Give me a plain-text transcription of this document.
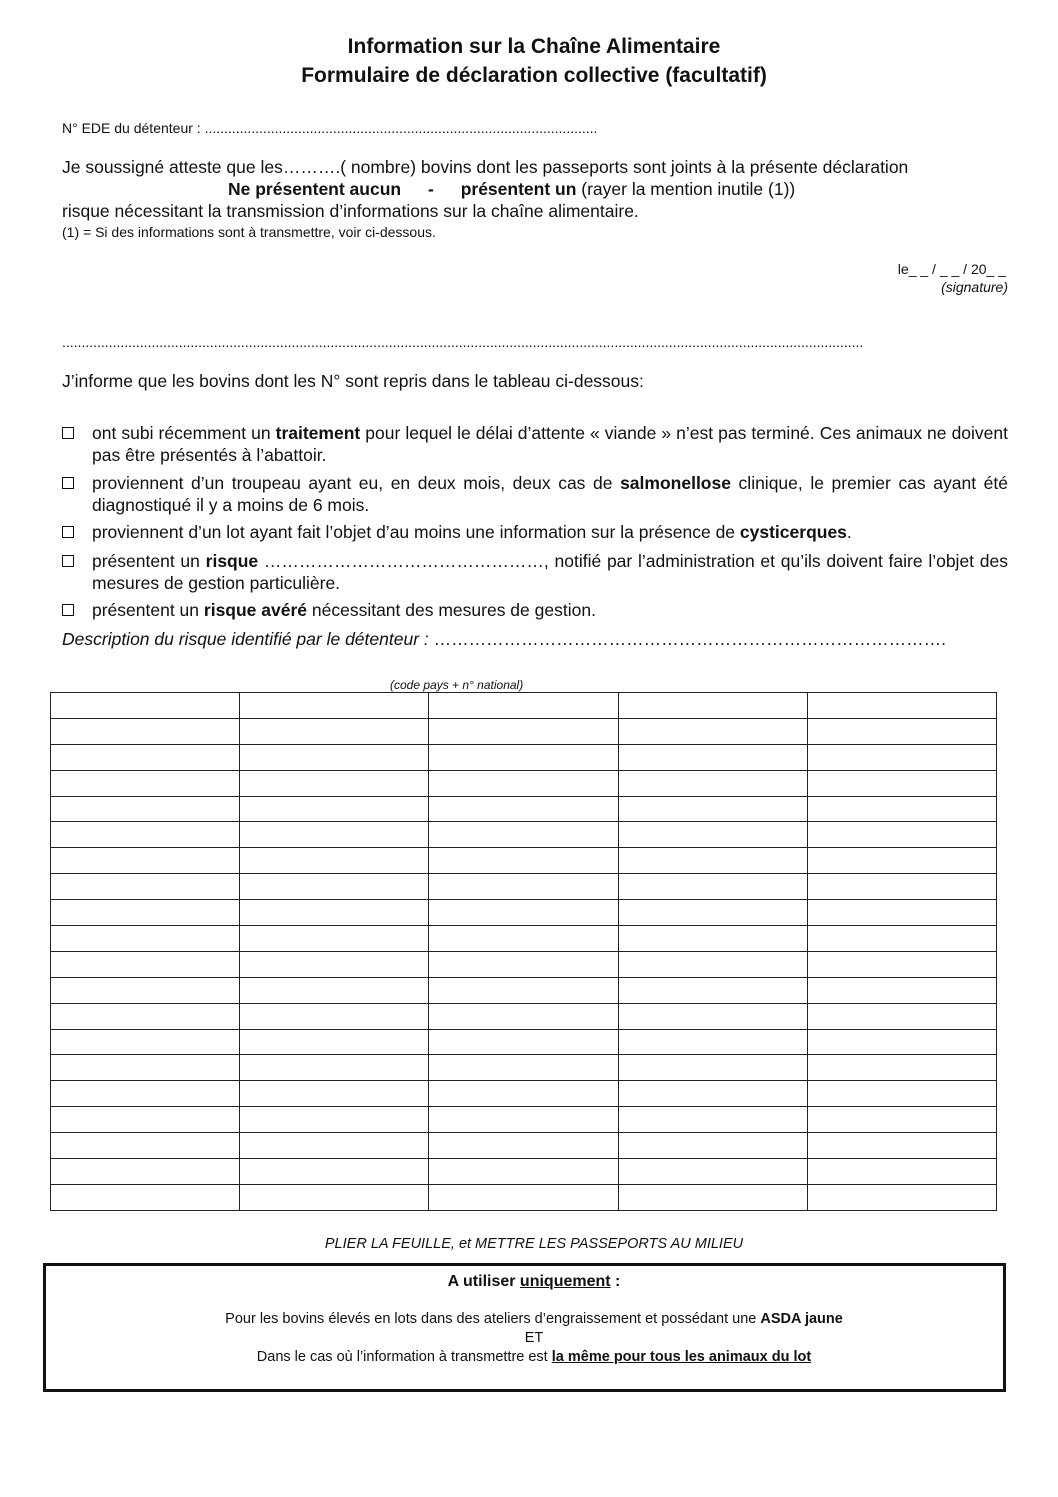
Information sur la Chaîne Alimentaire
Formulaire de déclaration collective (facultatif)
N° EDE du détenteur : .....................................................................................................
Je soussigné atteste que les……….( nombre) bovins dont les passeports sont joints à la présente déclaration
Ne présentent aucun - présentent un (rayer la mention inutile (1))
risque nécessitant la transmission d’informations sur la chaîne alimentaire.
(1) = Si des informations sont à transmettre, voir ci-dessous.
le_ _ / _ _ / 20_ _
(signature)
..............................................................................................................................................................................................................
J’informe que les bovins dont les N° sont repris dans le tableau ci-dessous:
ont subi récemment un traitement pour lequel le délai d’attente « viande » n’est pas terminé. Ces animaux ne doivent pas être présentés à l’abattoir.
proviennent d’un troupeau ayant eu, en deux mois, deux cas de salmonellose clinique, le premier cas ayant été diagnostiqué il y a moins de 6 mois.
proviennent d’un lot ayant fait l’objet d’au moins une information sur la présence de cysticerques.
présentent un risque …………………………………………, notifié par l’administration et qu’ils doivent faire l’objet des mesures de gestion particulière.
présentent un risque avéré nécessitant des mesures de gestion.
Description du risque identifié par le détenteur : …………………………………………………………………………….
(code pays + n° national)

PLIER LA FEUILLE, et METTRE LES PASSEPORTS AU MILIEU
A utiliser uniquement :
Pour les bovins élevés en lots dans des ateliers d’engraissement et possédant une ASDA jaune
ET
Dans le cas où l’information à transmettre est la même pour tous les animaux du lot
